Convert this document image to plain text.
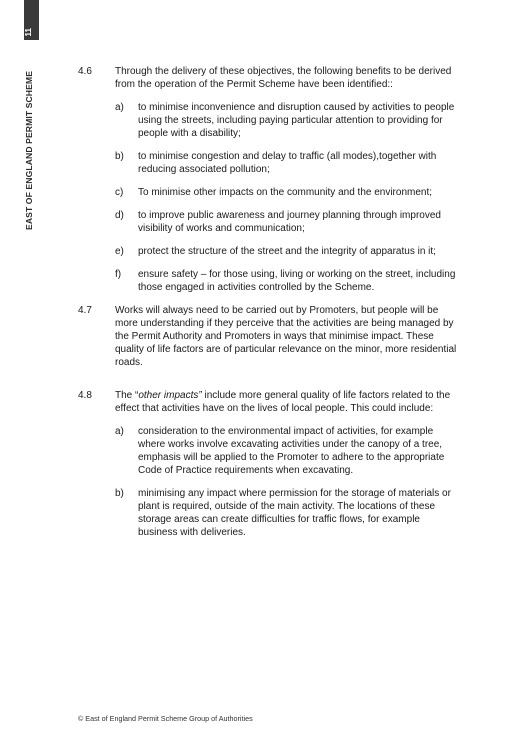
11
EAST OF ENGLAND PERMIT SCHEME	4.6	Through the delivery of these objectives, the following benefits to be derived from the operation of the Permit Scheme have been identified::

a)	to minimise inconvenience and disruption caused by activities to people using the streets, including paying particular attention to providing for people with a disability;
b)	to minimise congestion and delay to traffic (all modes),together with reducing associated pollution;
c)	To minimise other impacts on the community and the environment;
d)	to improve public awareness and journey planning through improved visibility of works and communication;
e)	protect the structure of the street and the integrity of apparatus in it;
f)	ensure safety – for those using, living or working on the street, including those engaged in activities controlled by the Scheme.
4.7	Works will always need to be carried out by Promoters, but people will be more understanding if they perceive that the activities are being managed by the Permit Authority and Promoters in ways that minimise impact. These quality of life factors are of particular relevance on the minor, more residential roads.

4.8	The “other impacts” include more general quality of life factors related to the effect that activities have on the lives of local people. This could include:

a)	consideration to the environmental impact of activities, for example where works involve excavating activities under the canopy of a tree, emphasis will be applied to the Promoter to adhere to the appropriate Code of Practice requirements when excavating.
b)	minimising any impact where permission for the storage of materials or plant is required, outside of the main activity. The locations of these storage areas can create difficulties for traffic flows, for example business with deliveries.
© East of England Permit Scheme Group of Authorities
